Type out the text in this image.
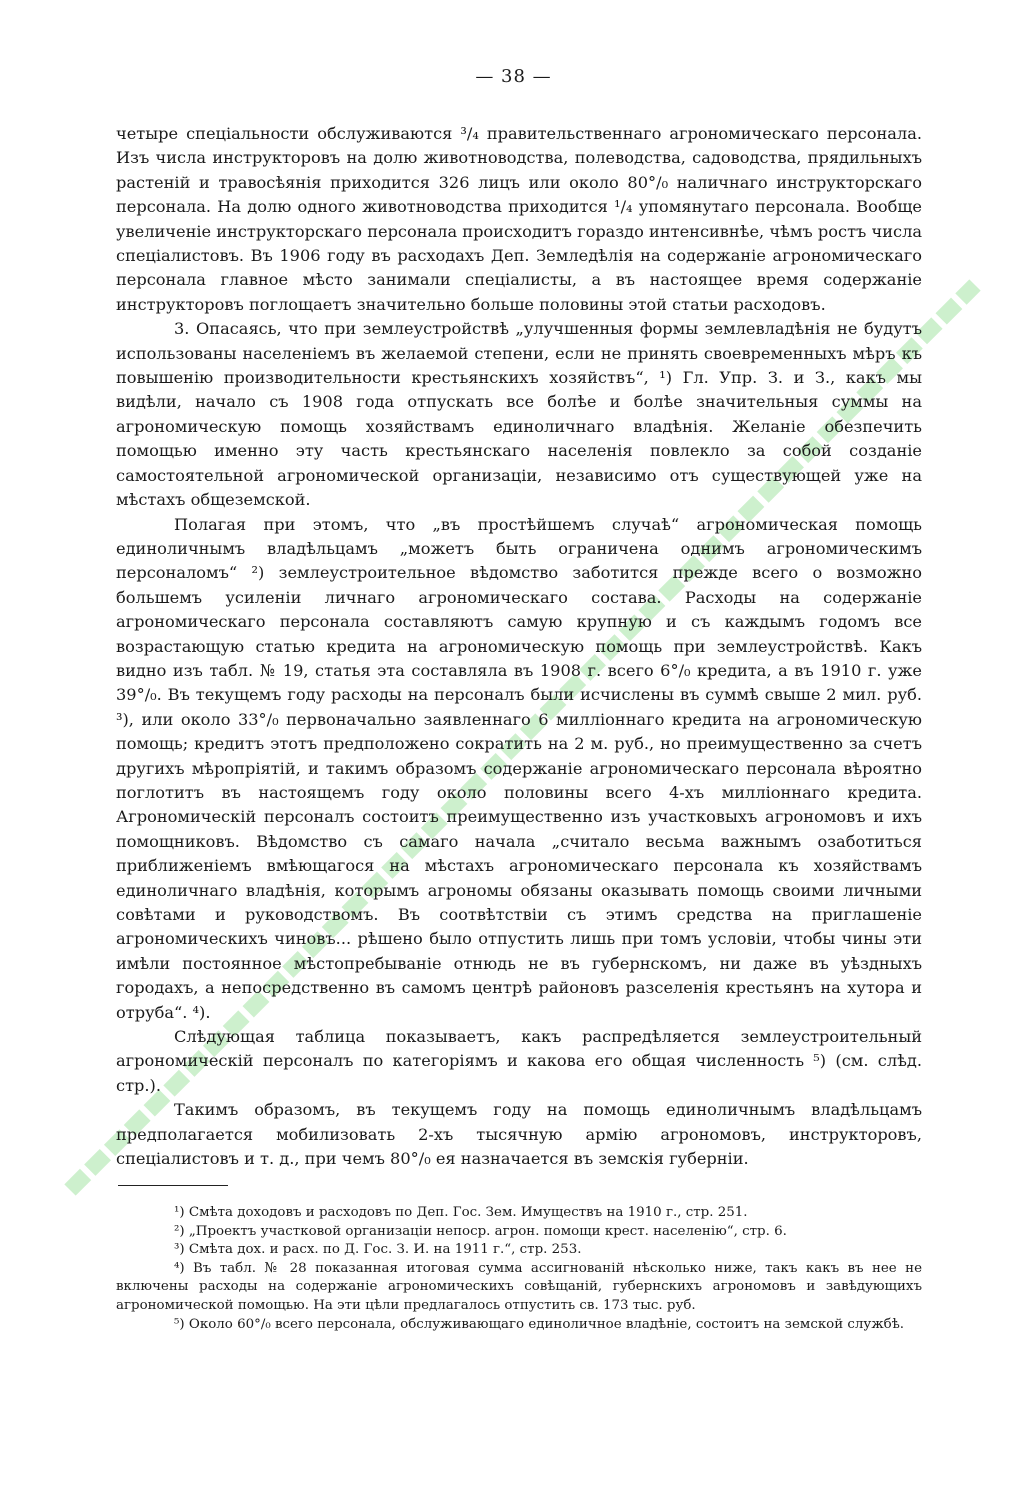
— 38 —

четыре спеціальности обслуживаются ³/₄ правительственнаго агрономическаго персонала. Изъ числа инструкторовъ на долю животноводства, полеводства, садоводства, прядильныхъ растеній и травосѣянія приходится 326 лицъ или около 80°/₀ наличнаго инструкторскаго персонала. На долю одного животноводства приходится ¹/₄ упомянутаго персонала. Вообще увеличеніе инструкторскаго персонала происходитъ гораздо интенсивнѣе, чѣмъ ростъ числа спеціалистовъ. Въ 1906 году въ расходахъ Деп. Земледѣлія на содержаніе агрономическаго персонала главное мѣсто занимали спеціалисты, а въ настоящее время содержаніе инструкторовъ поглощаетъ значительно больше половины этой статьи расходовъ.

3. Опасаясь, что при землеустройствѣ „улучшенныя формы землевладѣнія не будутъ использованы населеніемъ въ желаемой степени, если не принять своевременныхъ мѣръ къ повышенію производительности крестьянскихъ хозяйствъ“, ¹) Гл. Упр. З. и З., какъ мы видѣли, начало съ 1908 года отпускать все болѣе и болѣе значительныя суммы на агрономическую помощь хозяйствамъ единоличнаго владѣнія. Желаніе обезпечить помощью именно эту часть крестьянскаго населенія повлекло за собой созданіе самостоятельной агрономической организаціи, независимо отъ существующей уже на мѣстахъ общеземской.

Полагая при этомъ, что „въ простѣйшемъ случаѣ“ агрономическая помощь единоличнымъ владѣльцамъ „можетъ быть ограничена однимъ агрономическимъ персоналомъ“ ²) землеустроительное вѣдомство заботится прежде всего о возможно большемъ усиленіи личнаго агрономическаго состава. Расходы на содержаніе агрономическаго персонала составляютъ самую крупную и съ каждымъ годомъ все возрастающую статью кредита на агрономическую помощь при землеустройствѣ. Какъ видно изъ табл. № 19, статья эта составляла въ 1908 г. всего 6°/₀ кредита, а въ 1910 г. уже 39°/₀. Въ текущемъ году расходы на персоналъ были исчислены въ суммѣ свыше 2 мил. руб. ³), или около 33°/₀ первоначально заявленнаго 6 милліоннаго кредита на агрономическую помощь; кредитъ этотъ предположено сократить на 2 м. руб., но преимущественно за счетъ другихъ мѣропріятій, и такимъ образомъ содержаніе агрономическаго персонала вѣроятно поглотитъ въ настоящемъ году около половины всего 4-хъ милліоннаго кредита. Агрономическій персоналъ состоитъ преимущественно изъ участковыхъ агрономовъ и ихъ помощниковъ. Вѣдомство съ самаго начала „считало весьма важнымъ озаботиться приближеніемъ вмѣющагося на мѣстахъ агрономическаго персонала къ хозяйствамъ единоличнаго владѣнія, которымъ агрономы обязаны оказывать помощь своими личными совѣтами и руководствомъ. Въ соотвѣтствіи съ этимъ средства на приглашеніе агрономическихъ чиновъ... рѣшено было отпустить лишь при томъ условіи, чтобы чины эти имѣли постоянное мѣстопребываніе отнюдь не въ губернскомъ, ни даже въ уѣздныхъ городахъ, а непосредственно въ самомъ центрѣ районовъ разселенія крестьянъ на хутора и отруба“. ⁴).

Слѣдующая таблица показываетъ, какъ распредѣляется землеустроительный агрономическій персоналъ по категоріямъ и какова его общая численность ⁵) (см. слѣд. стр.).

Такимъ образомъ, въ текущемъ году на помощь единоличнымъ владѣльцамъ предполагается мобилизовать 2-хъ тысячную армію агрономовъ, инструкторовъ, спеціалистовъ и т. д., при чемъ 80°/₀ ея назначается въ земскія губерніи.

¹) Смѣта доходовъ и расходовъ по Деп. Гос. Зем. Имуществъ на 1910 г., стр. 251.

²) „Проектъ участковой организаціи непоср. агрон. помощи крест. населенію“, стр. 6.

³) Смѣта дох. и расх. по Д. Гос. З. И. на 1911 г.“, стр. 253.

⁴) Въ табл. № 28 показанная итоговая сумма ассигнованій нѣсколько ниже, такъ какъ въ нее не включены расходы на содержаніе агрономическихъ совѣщаній, губернскихъ агрономовъ и завѣдующихъ агрономической помощью. На эти цѣли предлагалось отпустить св. 173 тыс. руб.

⁵) Около 60°/₀ всего персонала, обслуживающаго единоличное владѣніе, состоитъ на земской службѣ.
